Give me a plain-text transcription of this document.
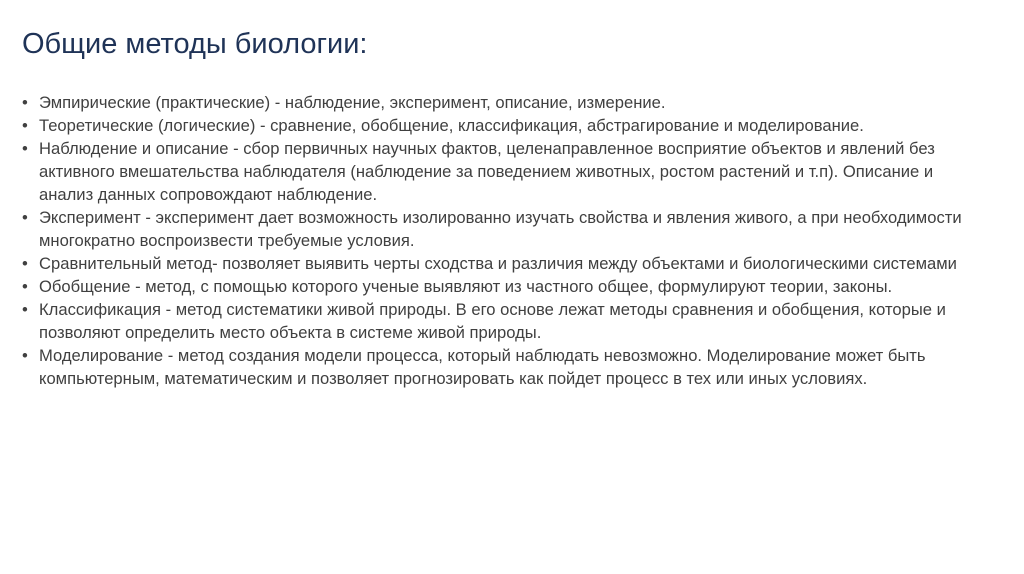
Общие методы биологии:
• Эмпирические (практические) - наблюдение, эксперимент, описание, измерение.
• Теоретические (логические) - сравнение, обобщение, классификация, абстрагирование и моделирование.
• Наблюдение и описание - сбор первичных научных фактов, целенаправленное восприятие объектов и явлений без активного вмешательства наблюдателя (наблюдение за поведением животных, ростом растений и т.п). Описание и анализ данных сопровождают наблюдение.
• Эксперимент - эксперимент дает возможность изолированно изучать свойства и явления живого, а при необходимости многократно воспроизвести требуемые условия.
• Сравнительный метод- позволяет выявить черты сходства и различия между объектами и биологическими системами
• Обобщение - метод, с помощью которого ученые выявляют из частного общее, формулируют теории, законы.
• Классификация - метод систематики живой природы. В его основе лежат методы сравнения и обобщения, которые и позволяют определить место объекта в системе живой природы.
• Моделирование - метод создания модели процесса, который наблюдать невозможно. Моделирование может быть компьютерным, математическим и позволяет прогнозировать как пойдет процесс в тех или иных условиях.
